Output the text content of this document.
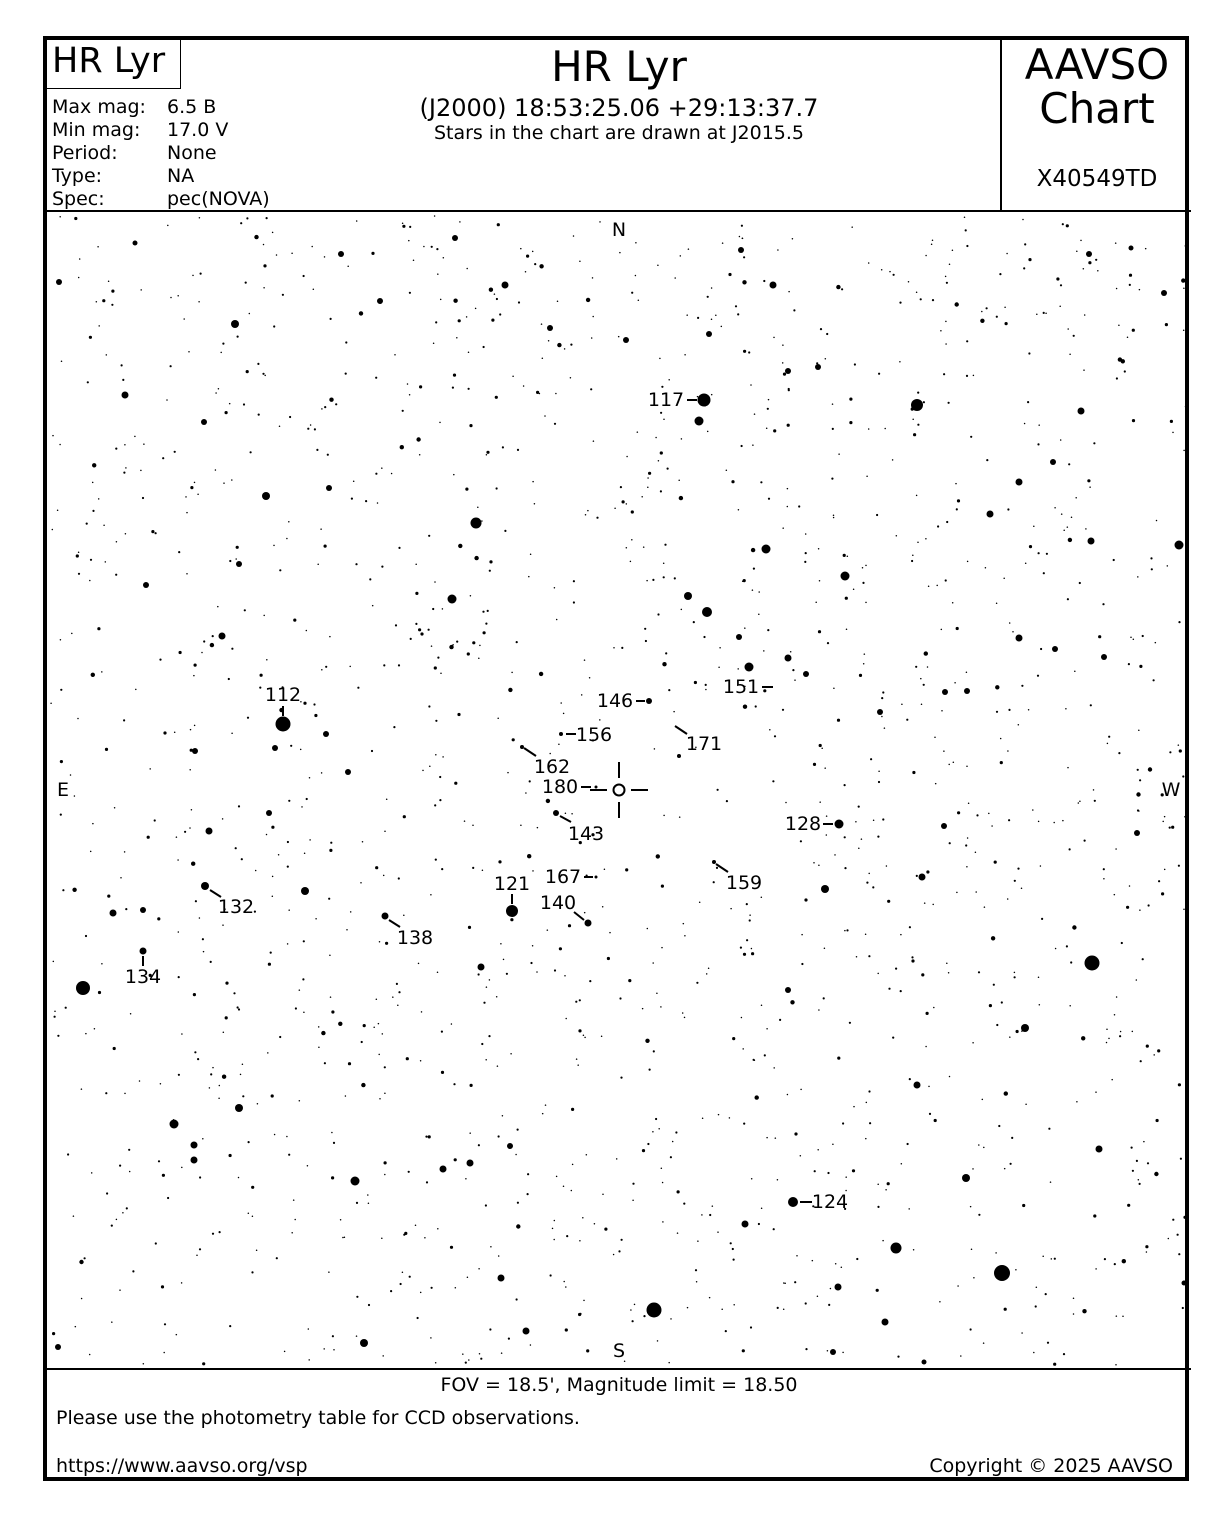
117
112	146
151
156	171
162
180
143	128
167	159
121
140
132
138
134
124
N
S
E	W
HR Lyr
Max mag: 6.5 B
Min mag: 17.0 V
Period:	None
Type:	NA
Spec:	pec(NOVA)
HR Lyr
(J2000) 18:53:25.06 +29:13:37.7
Stars in the chart are drawn at J2015.5
AAVSO
Chart
X40549TD
FOV = 18.5', Magnitude limit = 18.50
Please use the photometry table for CCD observations.
https://www.aavso.org/vsp	Copyright © 2025 AAVSO
